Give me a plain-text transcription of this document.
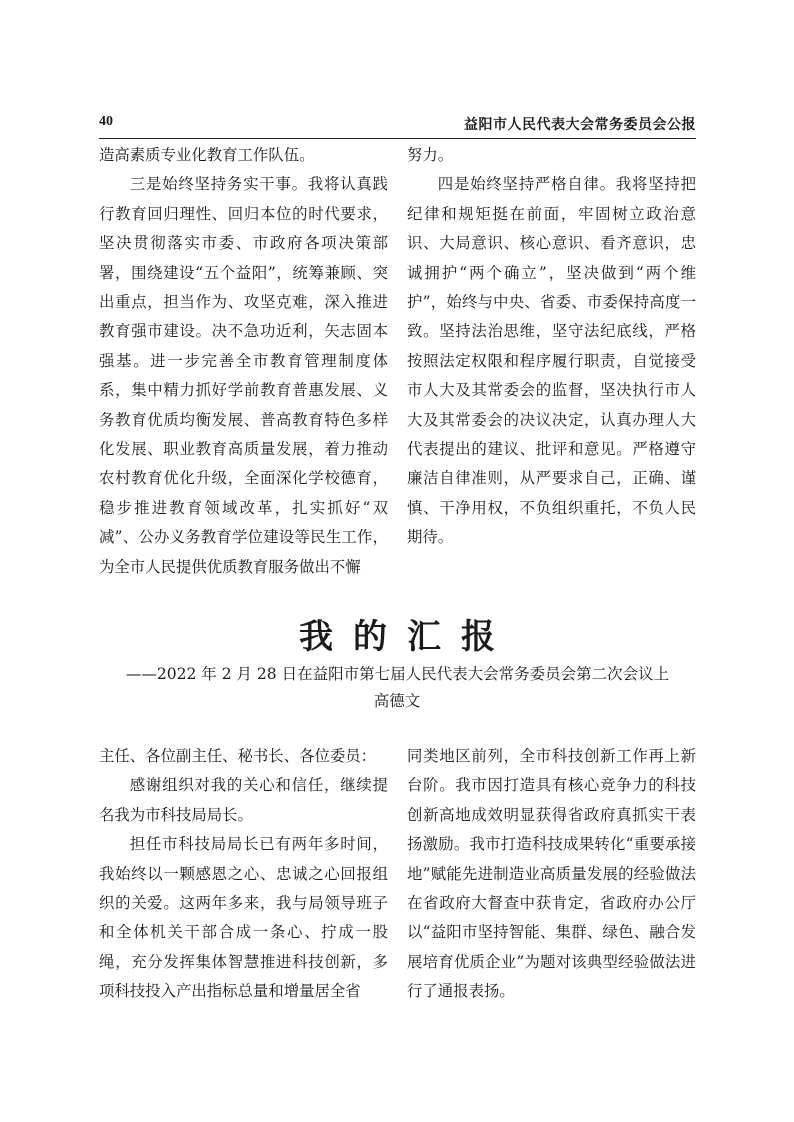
40	益阳市人民代表大会常务委员会公报

造高素质专业化教育工作队伍。

三是始终坚持务实干事。我将认真践行教育回归理性、回归本位的时代要求，坚决贯彻落实市委、市政府各项决策部署，围绕建设“五个益阳”，统筹兼顾、突出重点，担当作为、攻坚克难，深入推进教育强市建设。决不急功近利，矢志固本强基。进一步完善全市教育管理制度体系，集中精力抓好学前教育普惠发展、义务教育优质均衡发展、普高教育特色多样化发展、职业教育高质量发展，着力推动农村教育优化升级，全面深化学校德育，稳步推进教育领域改革，扎实抓好“双减”、公办义务教育学位建设等民生工作，为全市人民提供优质教育服务做出不懈

努力。

四是始终坚持严格自律。我将坚持把纪律和规矩挺在前面，牢固树立政治意识、大局意识、核心意识、看齐意识，忠诚拥护“两个确立”，坚决做到“两个维护”，始终与中央、省委、市委保持高度一致。坚持法治思维，坚守法纪底线，严格按照法定权限和程序履行职责，自觉接受市人大及其常委会的监督，坚决执行市人大及其常委会的决议决定，认真办理人大代表提出的建议、批评和意见。严格遵守廉洁自律准则，从严要求自己，正确、谨慎、干净用权，不负组织重托，不负人民期待。

我的汇报
——2022 年 2 月 28 日在益阳市第七届人民代表大会常务委员会第二次会议上
高德文

主任、各位副主任、秘书长、各位委员：

感谢组织对我的关心和信任，继续提名我为市科技局局长。

担任市科技局局长已有两年多时间，我始终以一颗感恩之心、忠诚之心回报组织的关爱。这两年多来，我与局领导班子和全体机关干部合成一条心、拧成一股绳，充分发挥集体智慧推进科技创新，多项科技投入产出指标总量和增量居全省

同类地区前列，全市科技创新工作再上新台阶。我市因打造具有核心竞争力的科技创新高地成效明显获得省政府真抓实干表扬激励。我市打造科技成果转化“重要承接地”赋能先进制造业高质量发展的经验做法在省政府大督查中获肯定，省政府办公厅以“益阳市坚持智能、集群、绿色、融合发展培育优质企业”为题对该典型经验做法进行了通报表扬。
